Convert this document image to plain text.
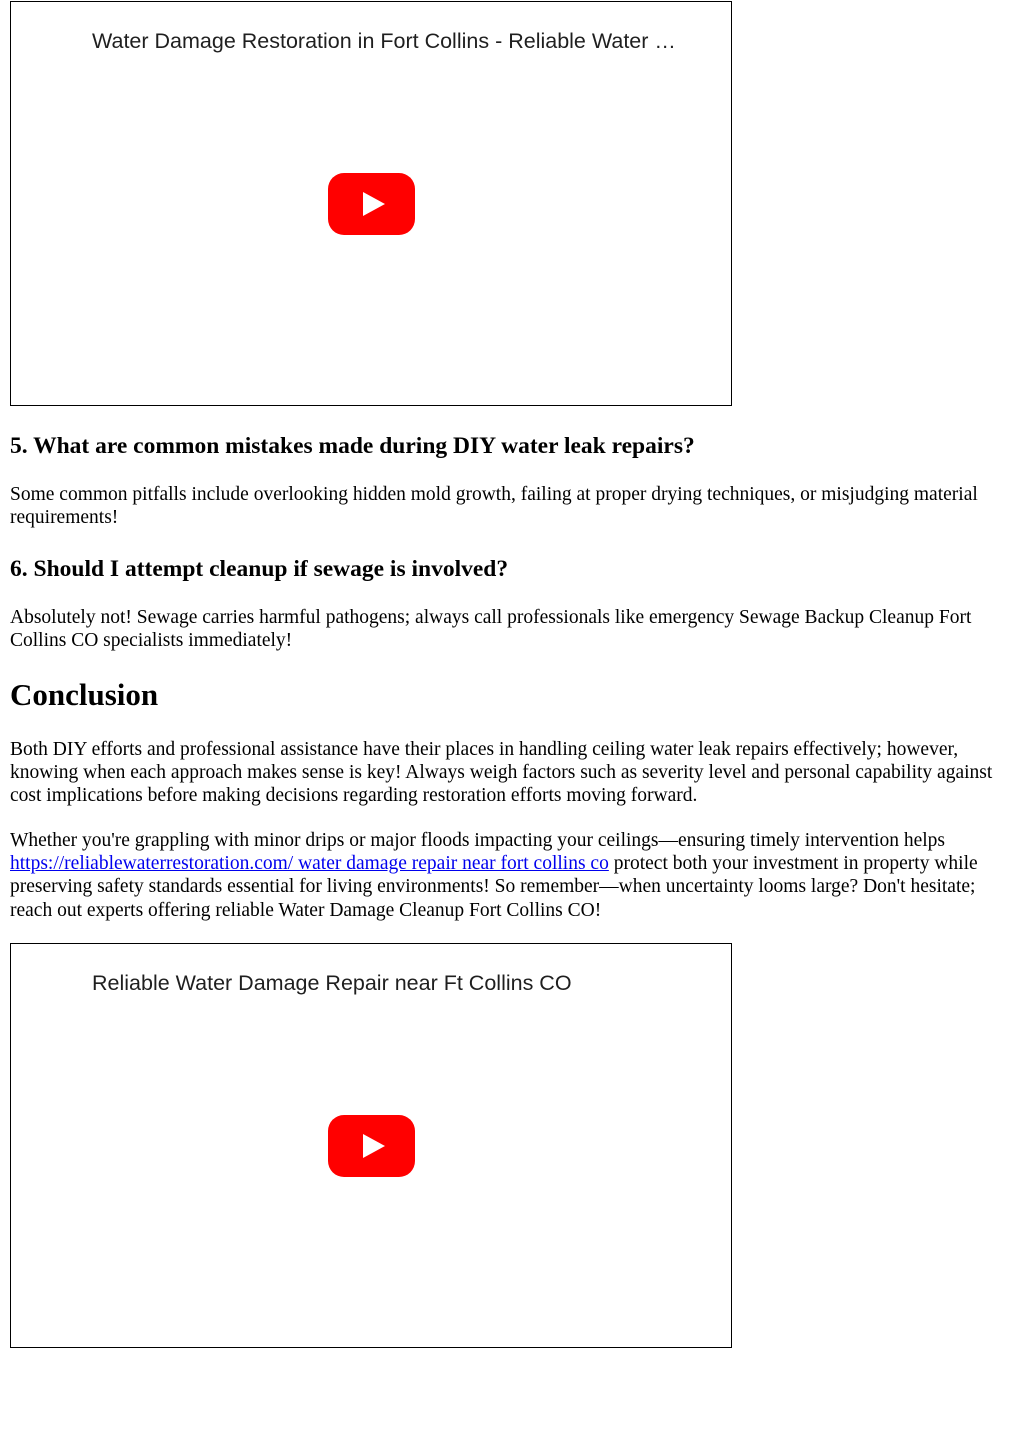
Water Damage Restoration in Fort Collins - Reliable Water …
5. What are common mistakes made during DIY water leak repairs?

Some common pitfalls include overlooking hidden mold growth, failing at proper drying techniques, or misjudging material requirements!

6. Should I attempt cleanup if sewage is involved?

Absolutely not! Sewage carries harmful pathogens; always call professionals like emergency Sewage Backup Cleanup Fort Collins CO specialists immediately!

Conclusion

Both DIY efforts and professional assistance have their places in handling ceiling water leak repairs effectively; however, knowing when each approach makes sense is key! Always weigh factors such as severity level and personal capability against cost implications before making decisions regarding restoration efforts moving forward.

Whether you're grappling with minor drips or major floods impacting your ceilings—ensuring timely intervention helps https://reliablewaterrestoration.com/ water damage repair near fort collins co protect both your investment in property while preserving safety standards essential for living environments! So remember—when uncertainty looms large? Don't hesitate; reach out experts offering reliable Water Damage Cleanup Fort Collins CO!

Reliable Water Damage Repair near Ft Collins CO
